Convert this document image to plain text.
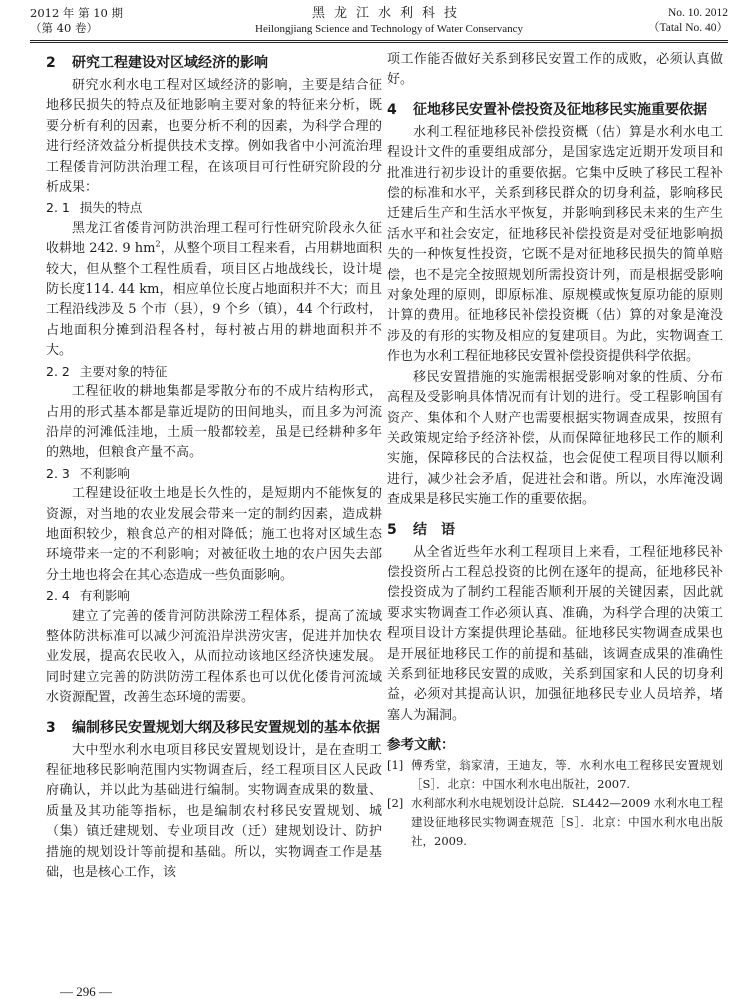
2012 年 第 10 期
（第 40 卷）
黑龙江水利科技
Heilongjiang Science and Technology of Water Conservancy
No. 10. 2012
（Tatal No. 40）
2	研究工程建设对区域经济的影响

研究水利水电工程对区域经济的影响，主要是结合征地移民损失的特点及征地影响主要对象的特征来分析，既要分析有利的因素，也要分析不利的因素，为科学合理的进行经济效益分析提供技术支撑。例如我省中小河流治理工程倭肯河防洪治理工程，在该项目可行性研究阶段的分析成果：

2. 1 损失的特点

黑龙江省倭肯河防洪治理工程可行性研究阶段永久征收耕地 242. 9 $hm^2$，从整个项目工程来看，占用耕地面积较大，但从整个工程性质看，项目区占地战线长，设计堤防长度114. 44 km，相应单位长度占地面积并不大；而且工程沿线涉及 5 个市（县），9 个乡（镇），44 个行政村，占地面积分摊到沿程各村，每村被占用的耕地面积并不大。

2. 2 主要对象的特征

工程征收的耕地集都是零散分布的不成片结构形式，占用的形式基本都是靠近堤防的田间地头，而且多为河流沿岸的河滩低洼地，土质一般都较差，虽是已经耕种多年的熟地，但粮食产量不高。

2. 3 不利影响

工程建设征收土地是长久性的，是短期内不能恢复的资源，对当地的农业发展会带来一定的制约因素，造成耕地面积较少，粮食总产的相对降低；施工也将对区域生态环境带来一定的不利影响；对被征收土地的农户因失去部分土地也将会在其心态造成一些负面影响。

2. 4 有利影响

建立了完善的倭肯河防洪除涝工程体系，提高了流域整体防洪标准可以减少河流沿岸洪涝灾害，促进并加快农业发展，提高农民收入，从而拉动该地区经济快速发展。同时建立完善的防洪防涝工程体系也可以优化倭肯河流域水资源配置，改善生态环境的需要。

3	编制移民安置规划大纲及移民安置规划的基本依据

大中型水利水电项目移民安置规划设计，是在查明工程征地移民影响范围内实物调查后，经工程项目区人民政府确认，并以此为基础进行编制。实物调查成果的数量、质量及其功能等指标，也是编制农村移民安置规划、城（集）镇迁建规划、专业项目改（迁）建规划设计、防护措施的规划设计等前提和基础。所以，实物调查工作是基础，也是核心工作，该

项工作能否做好关系到移民安置工作的成败，必须认真做好。

4	征地移民安置补偿投资及征地移民实施重要依据

水利工程征地移民补偿投资概（估）算是水利水电工程设计文件的重要组成部分，是国家选定近期开发项目和批准进行初步设计的重要依据。它集中反映了移民工程补偿的标准和水平，关系到移民群众的切身利益，影响移民迁建后生产和生活水平恢复，并影响到移民未来的生产生活水平和社会安定，征地移民补偿投资是对受征地影响损失的一种恢复性投资，它既不是对征地移民损失的简单赔偿，也不是完全按照规划所需投资计列，而是根据受影响对象处理的原则，即原标准、原规模或恢复原功能的原则计算的费用。征地移民补偿投资概（估）算的对象是淹没涉及的有形的实物及相应的复建项目。为此，实物调查工作也为水利工程征地移民安置补偿投资提供科学依据。

移民安置措施的实施需根据受影响对象的性质、分布高程及受影响具体情况而有计划的进行。受工程影响国有资产、集体和个人财产也需要根据实物调查成果，按照有关政策规定给予经济补偿，从而保障征地移民工作的顺利实施，保障移民的合法权益，也会促使工程项目得以顺利进行，减少社会矛盾，促进社会和谐。所以，水库淹没调查成果是移民实施工作的重要依据。

5	结　语

从全省近些年水利工程项目上来看，工程征地移民补偿投资所占工程总投资的比例在逐年的提高，征地移民补偿投资成为了制约工程能否顺利开展的关键因素，因此就要求实物调查工作必须认真、准确，为科学合理的决策工程项目设计方案提供理论基础。征地移民实物调查成果也是开展征地移民工作的前提和基础，该调查成果的准确性关系到征地移民安置的成败，关系到国家和人民的切身利益，必须对其提高认识，加强征地移民专业人员培养，堵塞人为漏洞。

参考文献：
[1] 傅秀堂，翁家清，王迪友，等．水利水电工程移民安置规划［S］．北京：中国水利水电出版社，2007.
[2] 水利部水利水电规划设计总院．SL442—2009 水利水电工程建设征地移民实物调查规范［S］．北京：中国水利水电出版社，2009.
— 296 —
